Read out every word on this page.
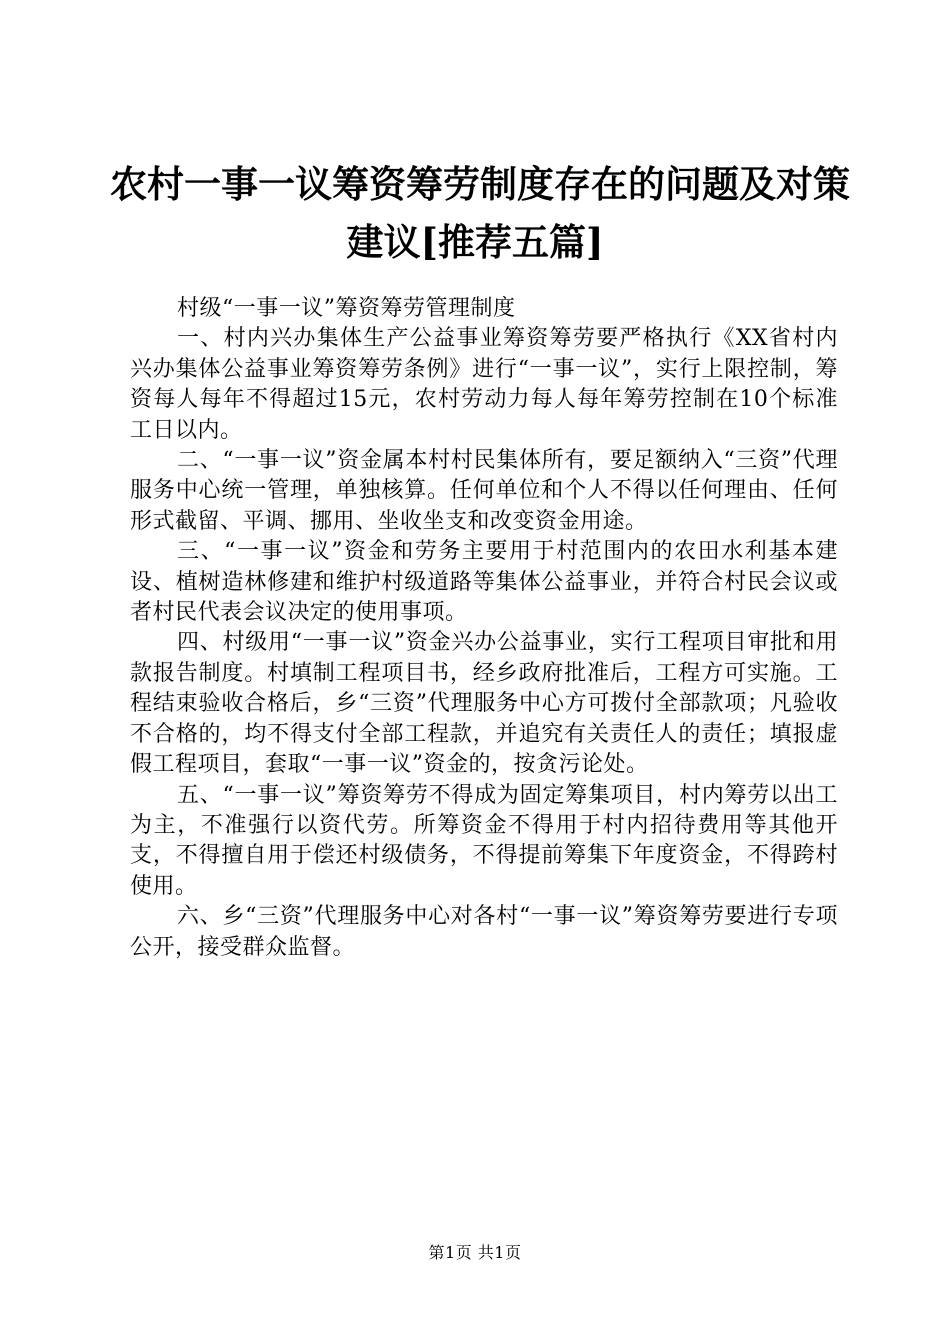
农村一事一议筹资筹劳制度存在的问题及对策
建议[推荐五篇]

村级“一事一议”筹资筹劳管理制度

一、村内兴办集体生产公益事业筹资筹劳要严格执行《XX省村内兴办集体公益事业筹资筹劳条例》进行“一事一议”，实行上限控制，筹资每人每年不得超过15元，农村劳动力每人每年筹劳控制在10个标准工日以内。

二、“一事一议”资金属本村村民集体所有，要足额纳入“三资”代理服务中心统一管理，单独核算。任何单位和个人不得以任何理由、任何形式截留、平调、挪用、坐收坐支和改变资金用途。

三、“一事一议”资金和劳务主要用于村范围内的农田水利基本建设、植树造林修建和维护村级道路等集体公益事业，并符合村民会议或者村民代表会议决定的使用事项。

四、村级用“一事一议”资金兴办公益事业，实行工程项目审批和用款报告制度。村填制工程项目书，经乡政府批准后，工程方可实施。工程结束验收合格后，乡“三资”代理服务中心方可拨付全部款项；凡验收不合格的，均不得支付全部工程款，并追究有关责任人的责任；填报虚假工程项目，套取“一事一议”资金的，按贪污论处。

五、“一事一议”筹资筹劳不得成为固定筹集项目，村内筹劳以出工为主，不准强行以资代劳。所筹资金不得用于村内招待费用等其他开支，不得擅自用于偿还村级债务，不得提前筹集下年度资金，不得跨村使用。

六、乡“三资”代理服务中心对各村“一事一议”筹资筹劳要进行专项公开，接受群众监督。

第1页 共1页
